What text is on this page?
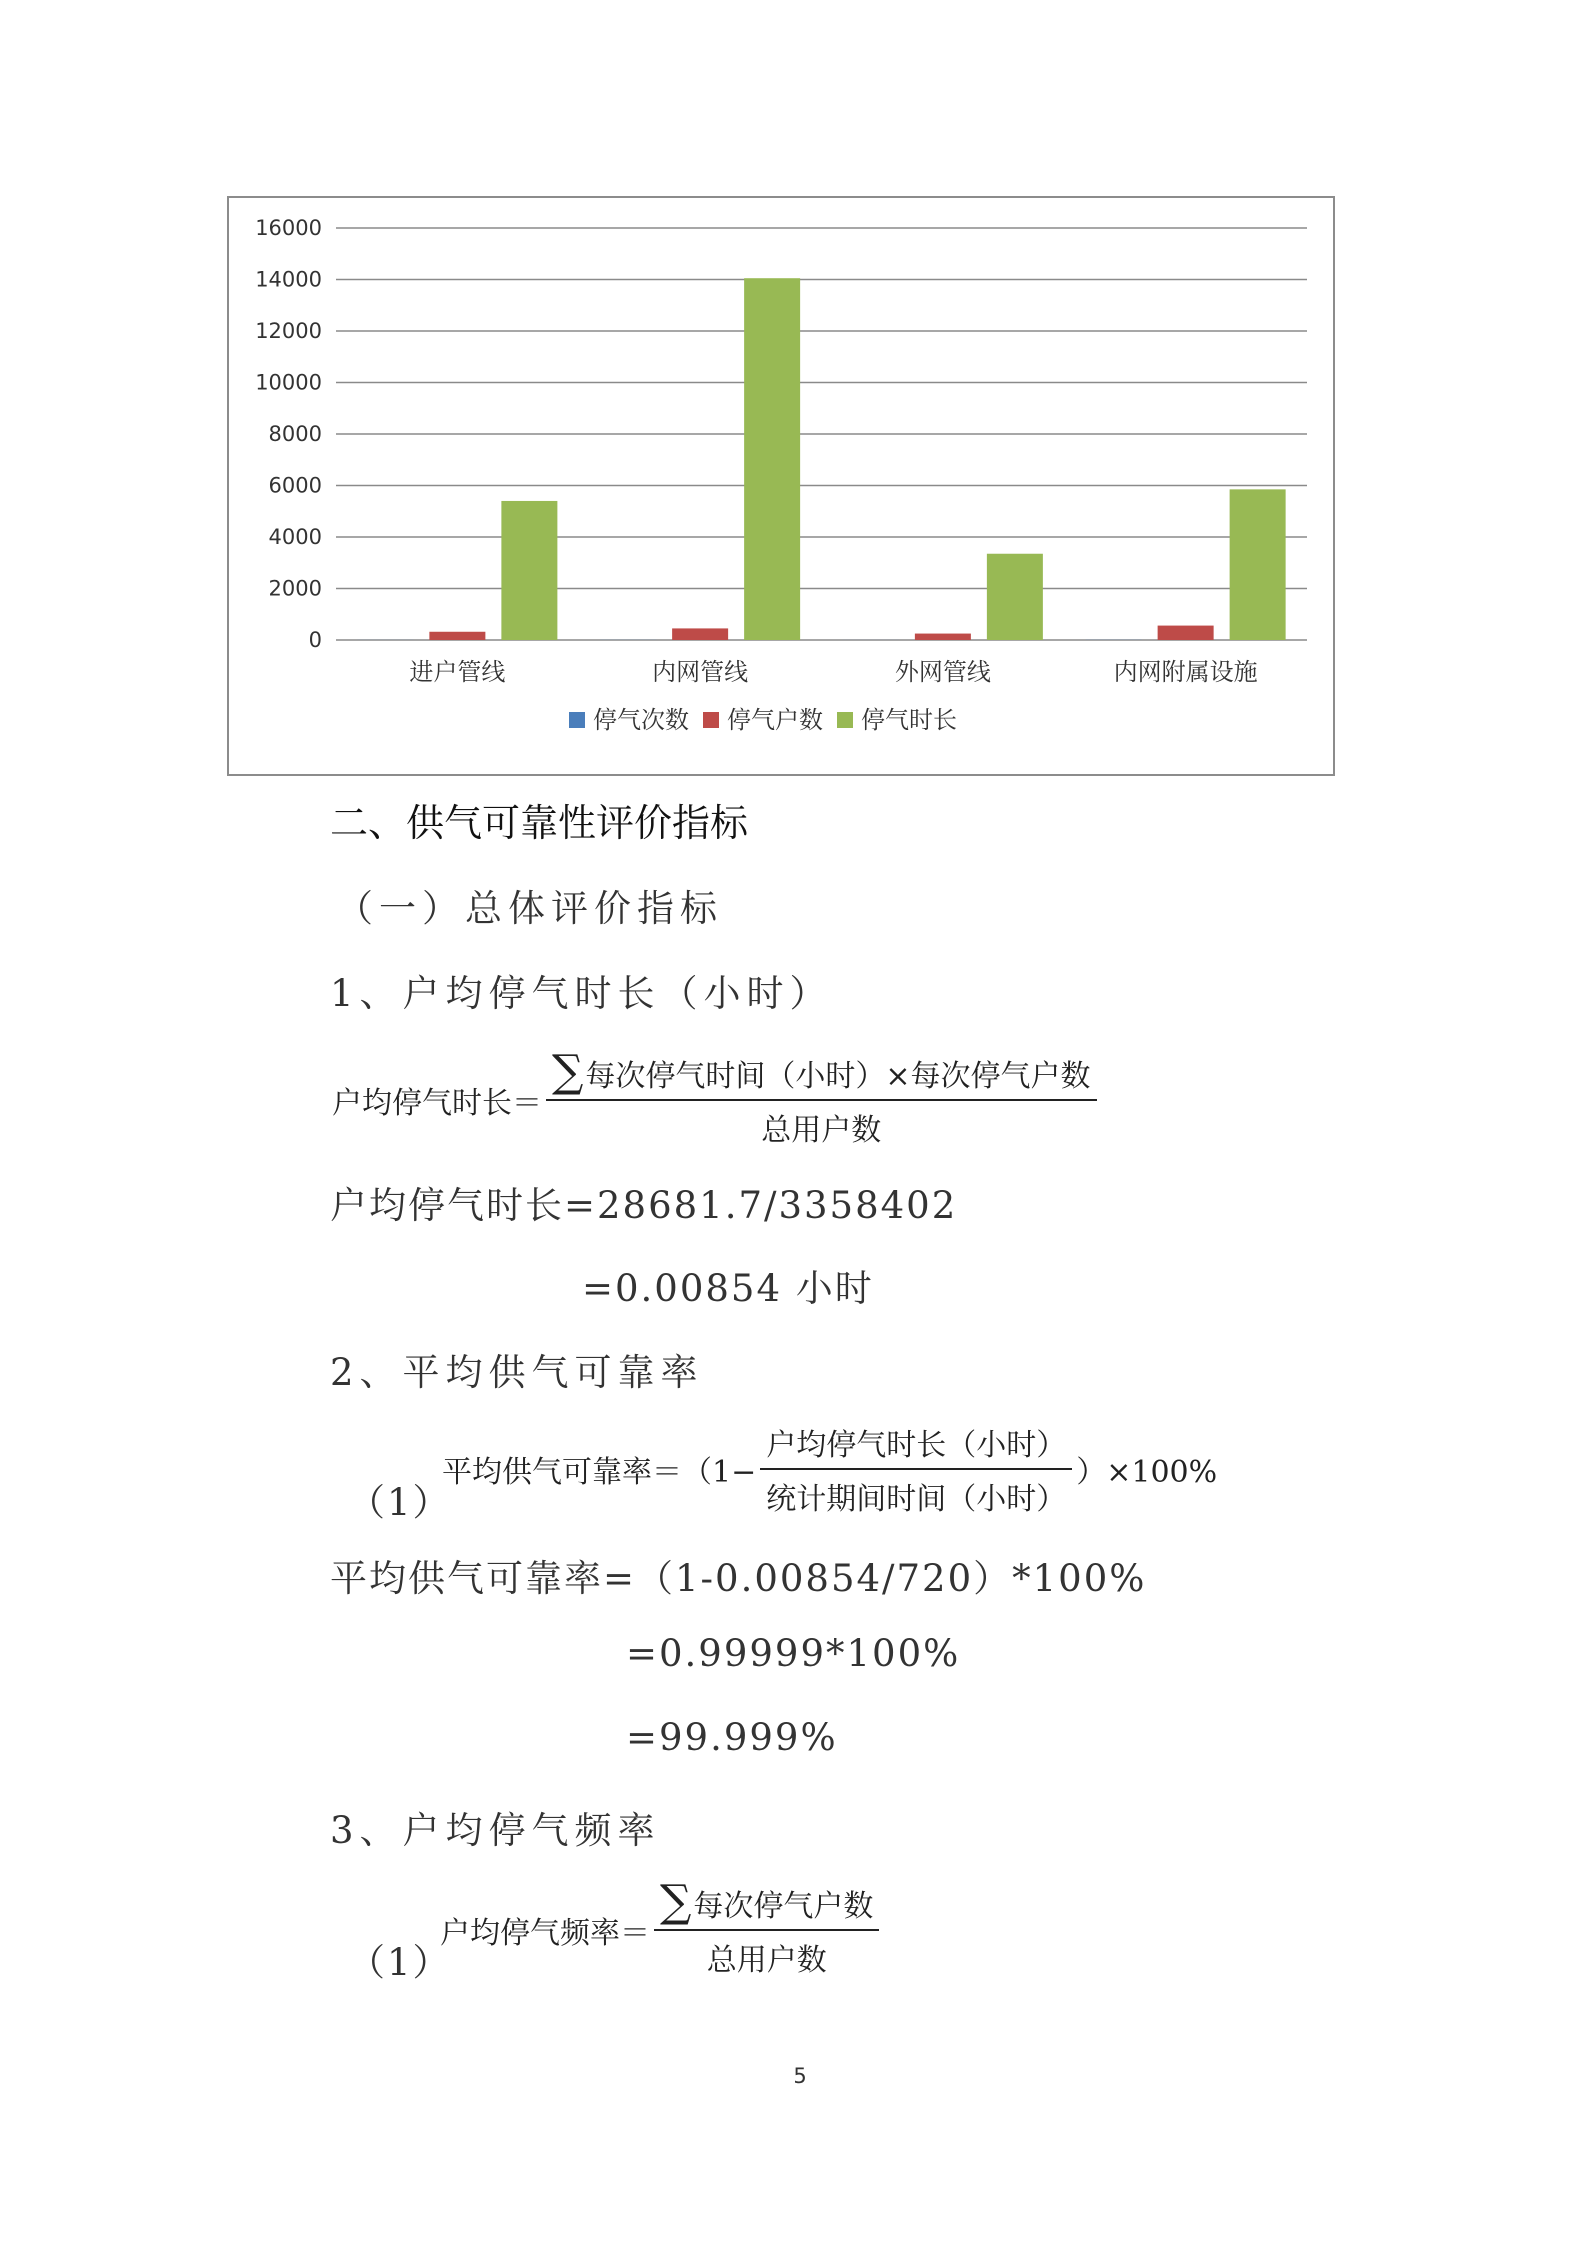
16000
14000
12000
10000
8000
6000
4000
2000
0
进户管线	内网管线	外网管线	内网附属设施
停气次数 停气户数 停气时长
二、供气可靠性评价指标
（一）总体评价指标
1、户均停气时长（小时）
户均停气时长＝ $\frac{\text{∑每次停气时间（小时）×每次停气户数}}{\text{总用户数}}$
户均停气时长=28681.7/3358402
=0.00854 小时
2、平均供气可靠率
（1）
平均供气可靠率$=(1- \frac{\text{户均停气时长（小时）}}{\text{统计期间时间（小时）}} )\times 100\%$
平均供气可靠率=（1-0.00854/720）*100%
=0.99999*100%
=99.999%
3、户均停气频率
（1）
户均停气频率＝ $\frac{\text{∑每次停气户数}}{\text{总用户数}}$
5
